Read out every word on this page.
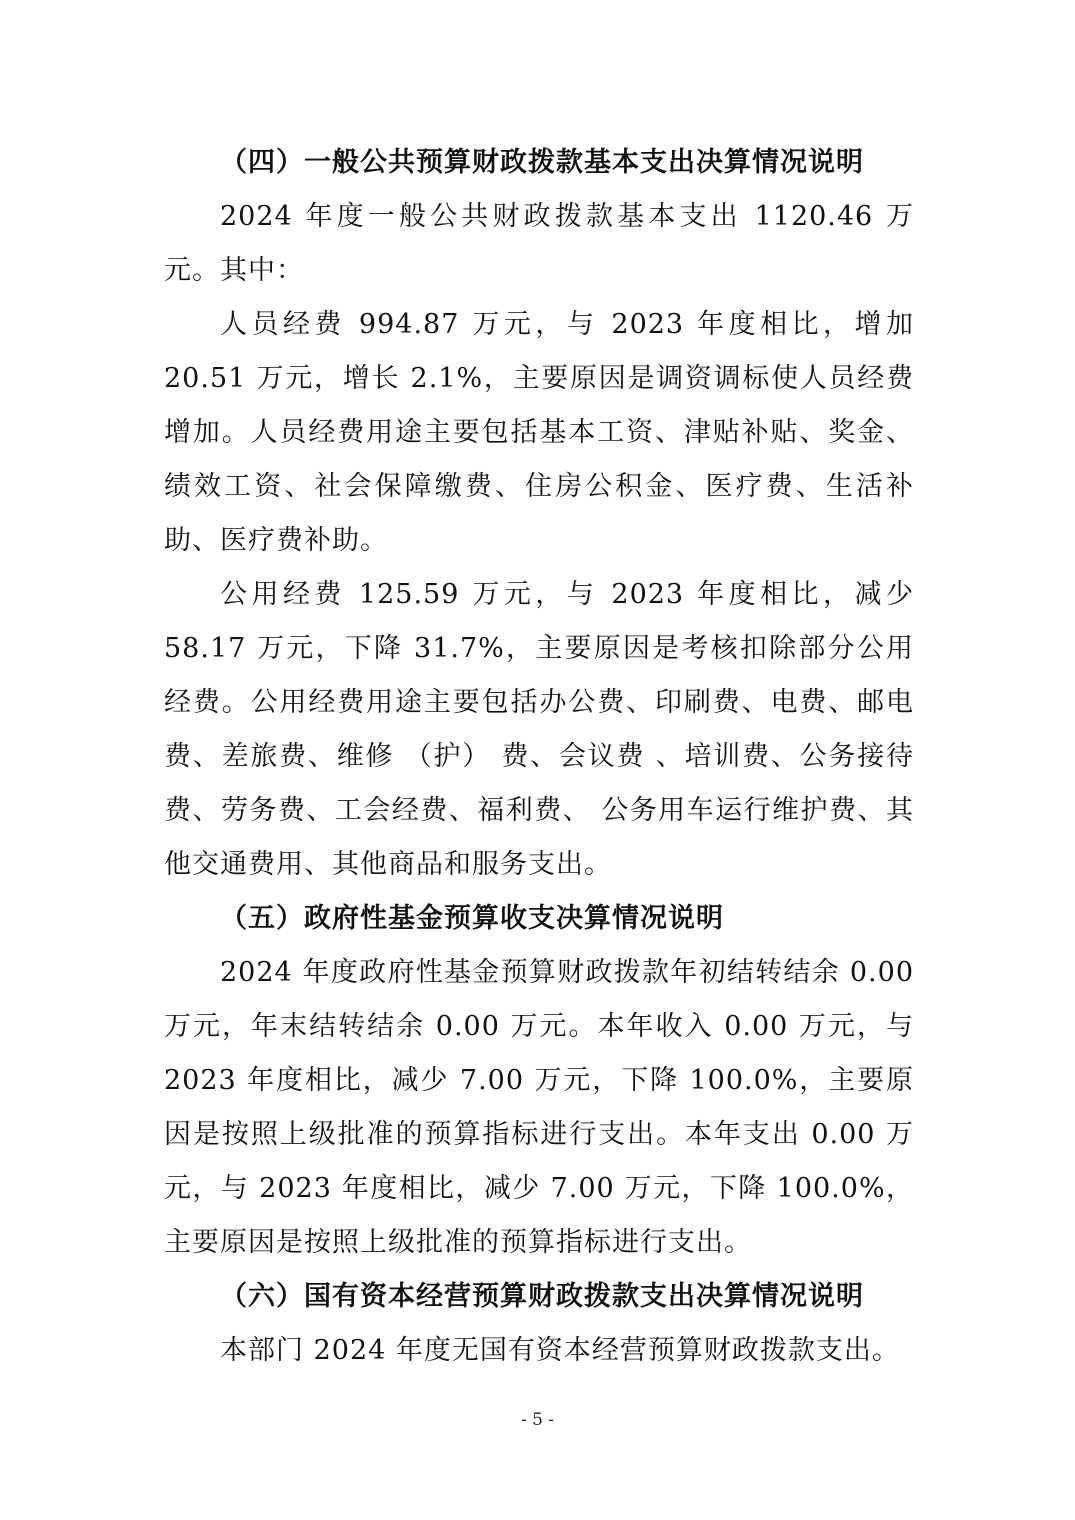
（四）一般公共预算财政拨款基本支出决算情况说明

2024 年度一般公共财政拨款基本支出 1120.46 万元。其中：

人员经费 994.87 万元，与 2023 年度相比，增加 20.51 万元，增长 2.1%，主要原因是调资调标使人员经费增加。人员经费用途主要包括基本工资、津贴补贴、奖金、绩效工资、社会保障缴费、住房公积金、医疗费、生活补助、医疗费补助。

公用经费 125.59 万元，与 2023 年度相比，减少 58.17 万元，下降 31.7%，主要原因是考核扣除部分公用经费。公用经费用途主要包括办公费、印刷费、电费、邮电费、差旅费、维修 （护） 费、会议费 、培训费、公务接待费、劳务费、工会经费、福利费、 公务用车运行维护费、其他交通费用、其他商品和服务支出。

（五）政府性基金预算收支决算情况说明

2024 年度政府性基金预算财政拨款年初结转结余 0.00 万元，年末结转结余 0.00 万元。本年收入 0.00 万元，与 2023 年度相比，减少 7.00 万元，下降 100.0%，主要原因是按照上级批准的预算指标进行支出。本年支出 0.00 万元，与 2023 年度相比，减少 7.00 万元，下降 100.0%，主要原因是按照上级批准的预算指标进行支出。

（六）国有资本经营预算财政拨款支出决算情况说明

本部门 2024 年度无国有资本经营预算财政拨款支出。

- 5 -
